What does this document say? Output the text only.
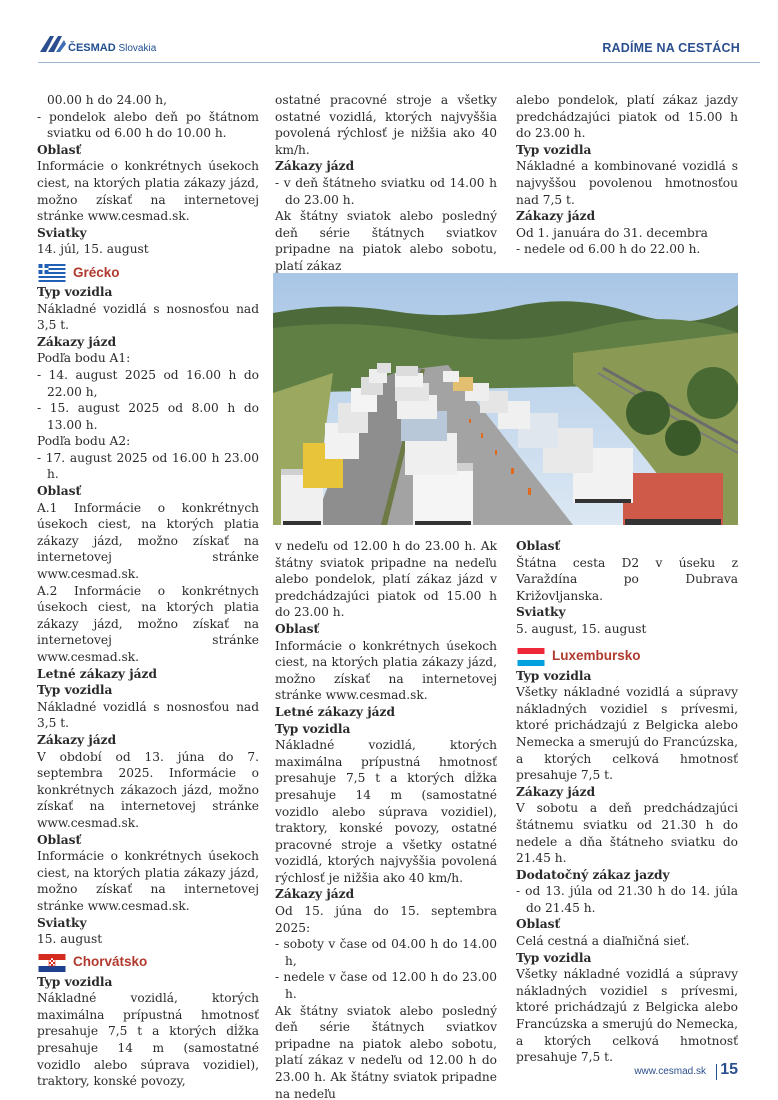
ČESMAD Slovakia	RADÍME NA CESTÁCH
00.00 h do 24.00 h,
- pondelok alebo deň po štátnom sviatku od 6.00 h do 10.00 h.
Oblasť
Informácie o konkrétnych úsekoch ciest, na ktorých platia zákazy jázd, možno získať na internetovej stránke www.cesmad.sk.
Sviatky
14. júl, 15. august
Grécko
Typ vozidla
Nákladné vozidlá s nosnosťou nad 3,5 t.
Zákazy jázd
Podľa bodu A1:
- 14. august 2025 od 16.00 h do 22.00 h,
- 15. august 2025 od 8.00 h do 13.00 h.
Podľa bodu A2:
- 17. august 2025 od 16.00 h 23.00 h.
Oblasť
A.1 Informácie o konkrétnych úsekoch ciest, na ktorých platia zákazy jázd, možno získať na internetovej stránke www.cesmad.sk.
A.2 Informácie o konkrétnych úsekoch ciest, na ktorých platia zákazy jázd, možno získať na internetovej stránke www.cesmad.sk.
Letné zákazy jázd
Typ vozidla
Nákladné vozidlá s nosnosťou nad 3,5 t.
Zákazy jázd
V období od 13. júna do 7. septembra 2025. Informácie o konkrétnych zákazoch jázd, možno získať na internetovej stránke www.cesmad.sk.
Oblasť
Informácie o konkrétnych úsekoch ciest, na ktorých platia zákazy jázd, možno získať na internetovej stránke www.cesmad.sk.
Sviatky
15. august
Chorvátsko
Typ vozidla
Nákladné vozidlá, ktorých maximálna prípustná hmotnosť presahuje 7,5 t a ktorých dĺžka presahuje 14 m (samostatné vozidlo alebo súprava vozidiel), traktory, konské povozy,
ostatné pracovné stroje a všetky ostatné vozidlá, ktorých najvyššia povolená rýchlosť je nižšia ako 40 km/h.
Zákazy jázd
- v deň štátneho sviatku od 14.00 h do 23.00 h.
Ak štátny sviatok alebo posledný deň série štátnych sviatkov pripadne na piatok alebo sobotu, platí zákaz
alebo pondelok, platí zákaz jazdy predchádzajúci piatok od 15.00 h do 23.00 h.
Typ vozidla
Nákladné a kombinované vozidlá s najvyššou povolenou hmotnosťou nad 7,5 t.
Zákazy jázd
Od 1. januára do 31. decembra
- nedele od 6.00 h do 22.00 h.
v nedeľu od 12.00 h do 23.00 h. Ak štátny sviatok pripadne na nedeľu alebo pondelok, platí zákaz jázd v predchádzajúci piatok od 15.00 h do 23.00 h.
Oblasť
Informácie o konkrétnych úsekoch ciest, na ktorých platia zákazy jázd, možno získať na internetovej stránke www.cesmad.sk.
Letné zákazy jázd
Typ vozidla
Nákladné vozidlá, ktorých maximálna prípustná hmotnosť presahuje 7,5 t a ktorých dĺžka presahuje 14 m (samostatné vozidlo alebo súprava vozidiel), traktory, konské povozy, ostatné pracovné stroje a všetky ostatné vozidlá, ktorých najvyššia povolená rýchlosť je nižšia ako 40 km/h.
Zákazy jázd
Od 15. júna do 15. septembra 2025:
- soboty v čase od 04.00 h do 14.00 h,
- nedele v čase od 12.00 h do 23.00 h.
Ak štátny sviatok alebo posledný deň série štátnych sviatkov pripadne na piatok alebo sobotu, platí zákaz v nedeľu od 12.00 h do 23.00 h. Ak štátny sviatok pripadne na nedeľu
Oblasť
Štátna cesta D2 v úseku z Varaždína po Dubrava Križovljanska.
Sviatky
5. august, 15. august
Luxembursko
Typ vozidla
Všetky nákladné vozidlá a súpravy nákladných vozidiel s prívesmi, ktoré prichádzajú z Belgicka alebo Nemecka a smerujú do Francúzska, a ktorých celková hmotnosť presahuje 7,5 t.
Zákazy jázd
V sobotu a deň predchádzajúci štátnemu sviatku od 21.30 h do nedele a dňa štátneho sviatku do 21.45 h.
Dodatočný zákaz jazdy
- od 13. júla od 21.30 h do 14. júla do 21.45 h.
Oblasť
Celá cestná a diaľničná sieť.
Typ vozidla
Všetky nákladné vozidlá a súpravy nákladných vozidiel s prívesmi, ktoré prichádzajú z Belgicka alebo Francúzska a smerujú do Nemecka, a ktorých celková hmotnosť presahuje 7,5 t.
www.cesmad.sk 15
